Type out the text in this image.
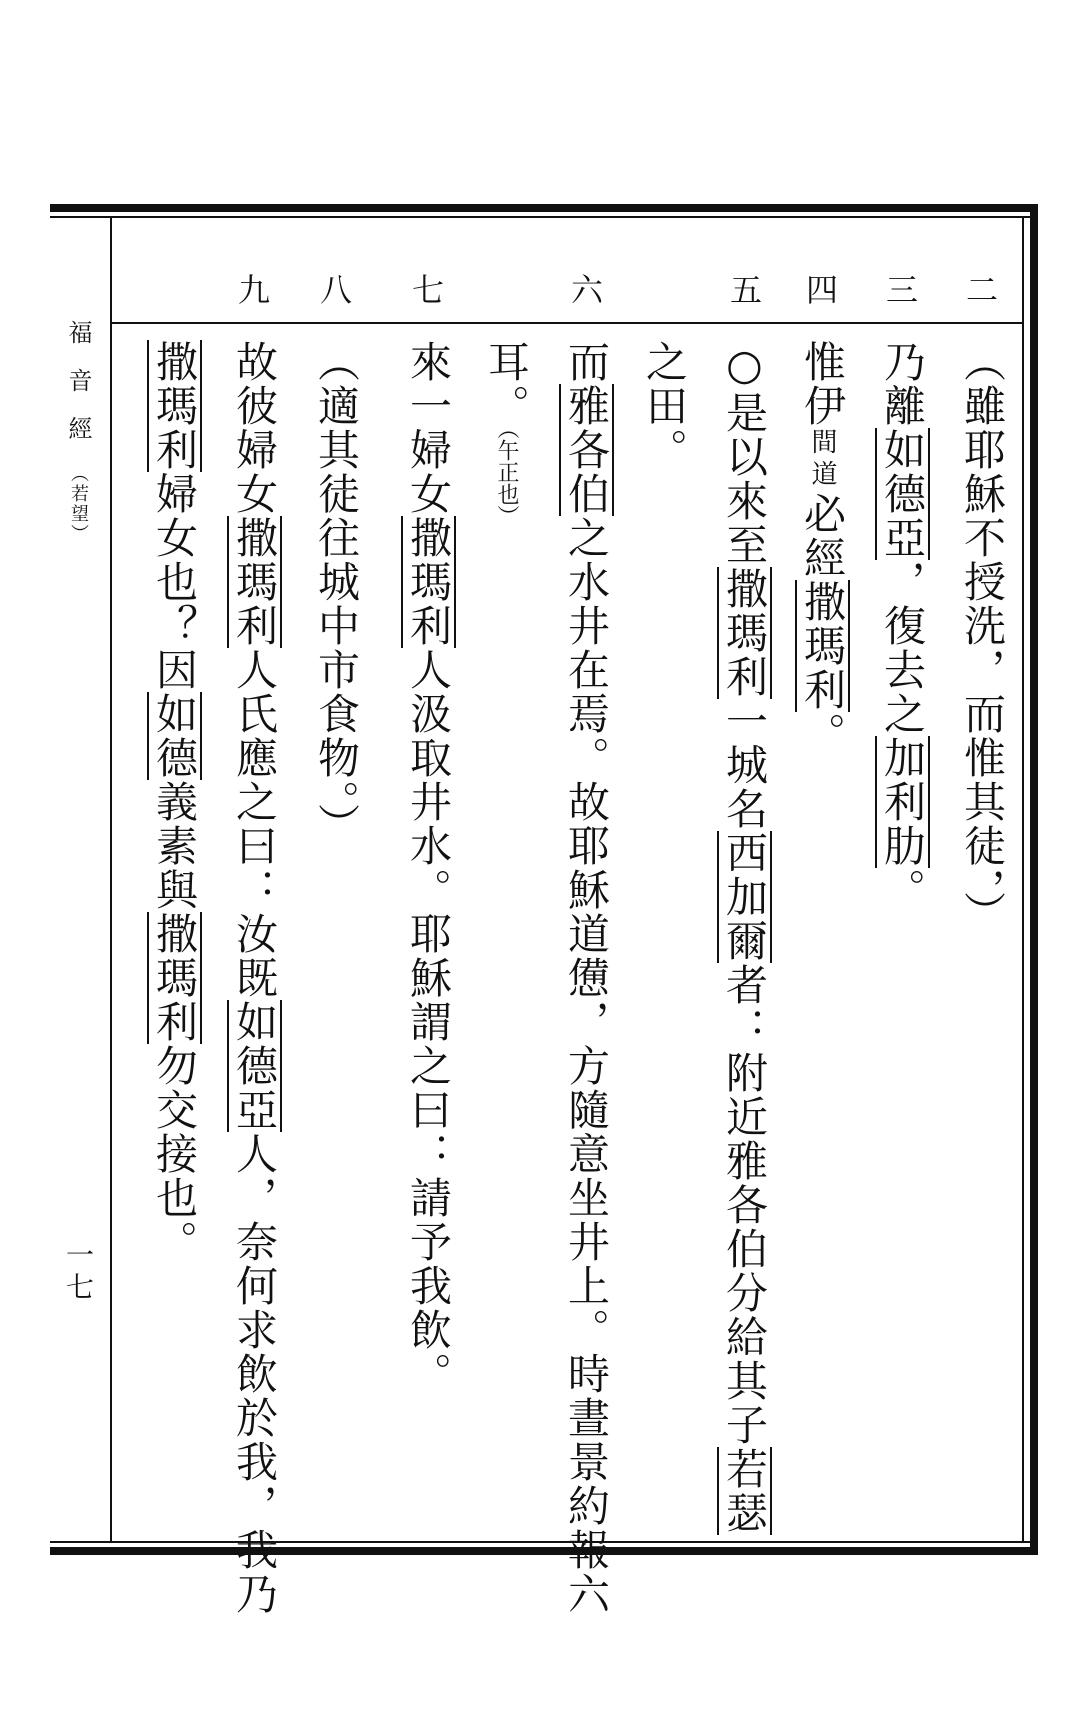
福音經（若望）
一七
二
三
四
五
六
七
八
九
︵雖耶穌不授洗，而惟其徒，︶
乃離如德亞，復去之加利肋。
惟伊間道必經撒瑪利。
○是以來至撒瑪利一城名西加爾者：附近雅各伯分給其子若瑟
之田。
而雅各伯之水井在焉。故耶穌道憊，方隨意坐井上。時晝景約報六
耳。（午正也）
來一婦女撒瑪利人汲取井水。耶穌謂之曰：請予我飲。
︵適其徒往城中市食物。︶
故彼婦女撒瑪利人氏應之曰：汝既如德亞人，奈何求飲於我，我乃
撒瑪利婦女也？因如德義素與撒瑪利勿交接也。
